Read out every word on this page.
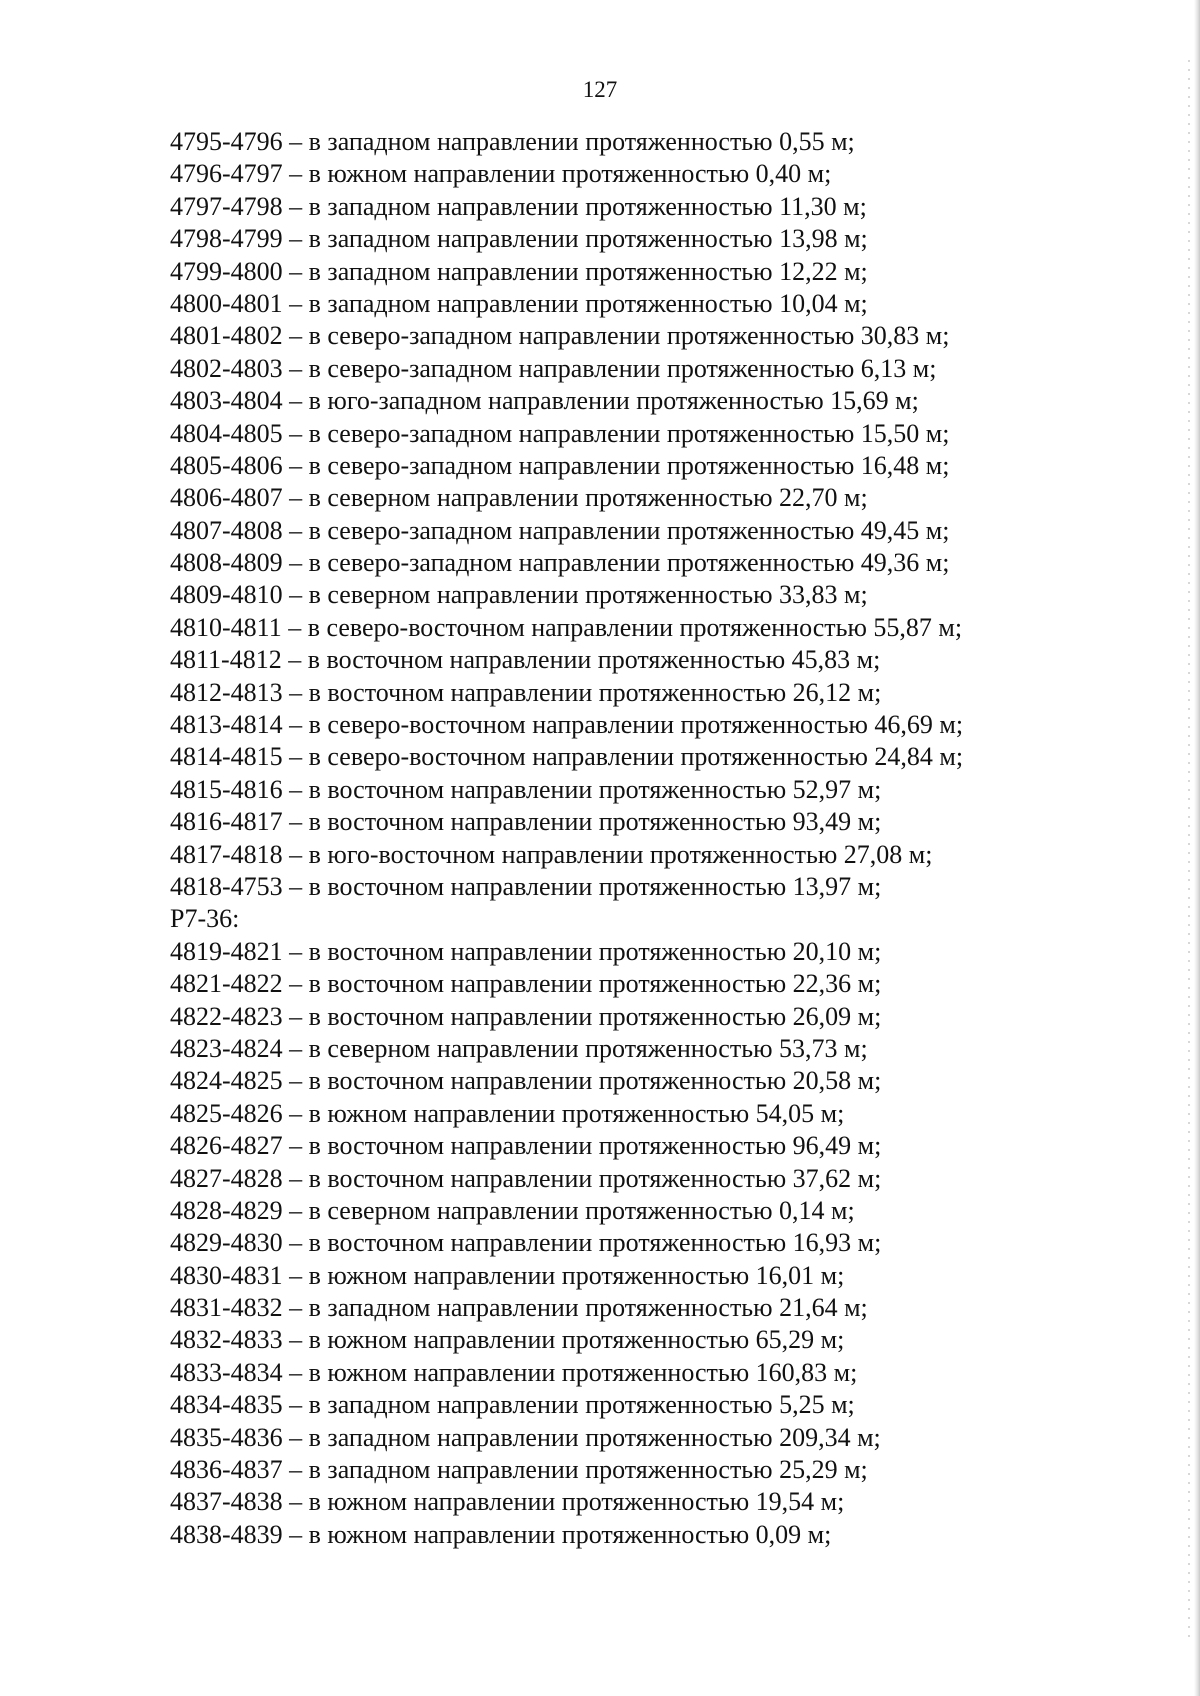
127
4795-4796 – в западном направлении протяженностью 0,55 м;
4796-4797 – в южном направлении протяженностью 0,40 м;
4797-4798 – в западном направлении протяженностью 11,30 м;
4798-4799 – в западном направлении протяженностью 13,98 м;
4799-4800 – в западном направлении протяженностью 12,22 м;
4800-4801 – в западном направлении протяженностью 10,04 м;
4801-4802 – в северо-западном направлении протяженностью 30,83 м;
4802-4803 – в северо-западном направлении протяженностью 6,13 м;
4803-4804 – в юго-западном направлении протяженностью 15,69 м;
4804-4805 – в северо-западном направлении протяженностью 15,50 м;
4805-4806 – в северо-западном направлении протяженностью 16,48 м;
4806-4807 – в северном направлении протяженностью 22,70 м;
4807-4808 – в северо-западном направлении протяженностью 49,45 м;
4808-4809 – в северо-западном направлении протяженностью 49,36 м;
4809-4810 – в северном направлении протяженностью 33,83 м;
4810-4811 – в северо-восточном направлении протяженностью 55,87 м;
4811-4812 – в восточном направлении протяженностью 45,83 м;
4812-4813 – в восточном направлении протяженностью 26,12 м;
4813-4814 – в северо-восточном направлении протяженностью 46,69 м;
4814-4815 – в северо-восточном направлении протяженностью 24,84 м;
4815-4816 – в восточном направлении протяженностью 52,97 м;
4816-4817 – в восточном направлении протяженностью 93,49 м;
4817-4818 – в юго-восточном направлении протяженностью 27,08 м;
4818-4753 – в восточном направлении протяженностью 13,97 м;
Р7-36:
4819-4821 – в восточном направлении протяженностью 20,10 м;
4821-4822 – в восточном направлении протяженностью 22,36 м;
4822-4823 – в восточном направлении протяженностью 26,09 м;
4823-4824 – в северном направлении протяженностью 53,73 м;
4824-4825 – в восточном направлении протяженностью 20,58 м;
4825-4826 – в южном направлении протяженностью 54,05 м;
4826-4827 – в восточном направлении протяженностью 96,49 м;
4827-4828 – в восточном направлении протяженностью 37,62 м;
4828-4829 – в северном направлении протяженностью 0,14 м;
4829-4830 – в восточном направлении протяженностью 16,93 м;
4830-4831 – в южном направлении протяженностью 16,01 м;
4831-4832 – в западном направлении протяженностью 21,64 м;
4832-4833 – в южном направлении протяженностью 65,29 м;
4833-4834 – в южном направлении протяженностью 160,83 м;
4834-4835 – в западном направлении протяженностью 5,25 м;
4835-4836 – в западном направлении протяженностью 209,34 м;
4836-4837 – в западном направлении протяженностью 25,29 м;
4837-4838 – в южном направлении протяженностью 19,54 м;
4838-4839 – в южном направлении протяженностью 0,09 м;
